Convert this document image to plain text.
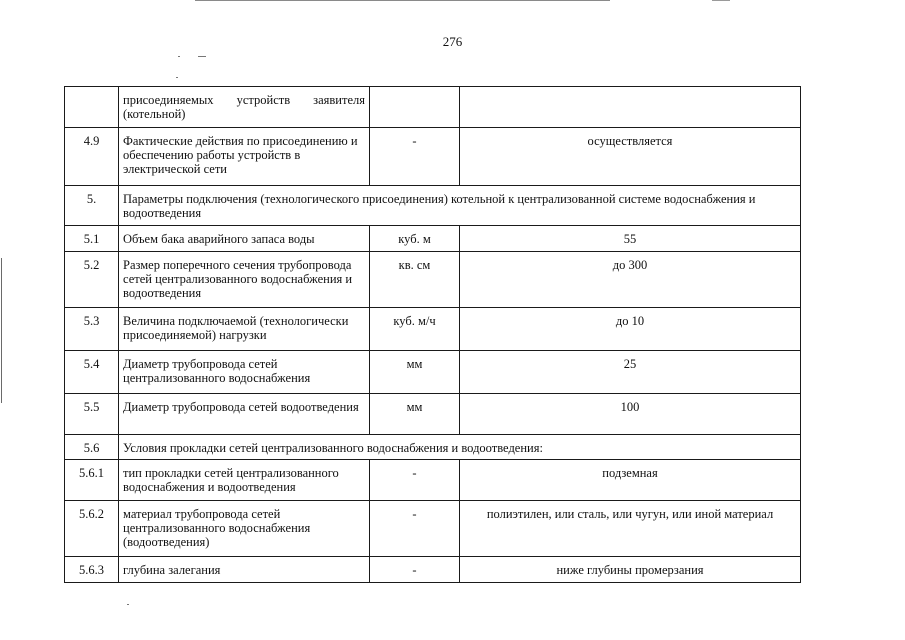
276
	присоединяемых устройств заявителя (котельной)		
4.9	Фактические действия по присоединению и обеспечению работы устройств в электрической сети	-	осуществляется
5.	Параметры подключения (технологического присоединения) котельной к централизованной системе водоснабжения и водоотведения		
5.1	Объем бака аварийного запаса воды	куб. м	55
5.2	Размер поперечного сечения трубопровода сетей централизованного водоснабжения и водоотведения	кв. см	до 300
5.3	Величина подключаемой (технологически присоединяемой) нагрузки	куб. м/ч	до 10
5.4	Диаметр трубопровода сетей централизованного водоснабжения	мм	25
5.5	Диаметр трубопровода сетей водоотведения	мм	100
5.6	Условия прокладки сетей централизованного водоснабжения и водоотведения:		
5.6.1	тип прокладки сетей централизованного водоснабжения и водоотведения	-	подземная
5.6.2	материал трубопровода сетей централизованного водоснабжения (водоотведения)	-	полиэтилен, или сталь, или чугун, или иной материал
5.6.3	глубина залегания	-	ниже глубины промерзания
